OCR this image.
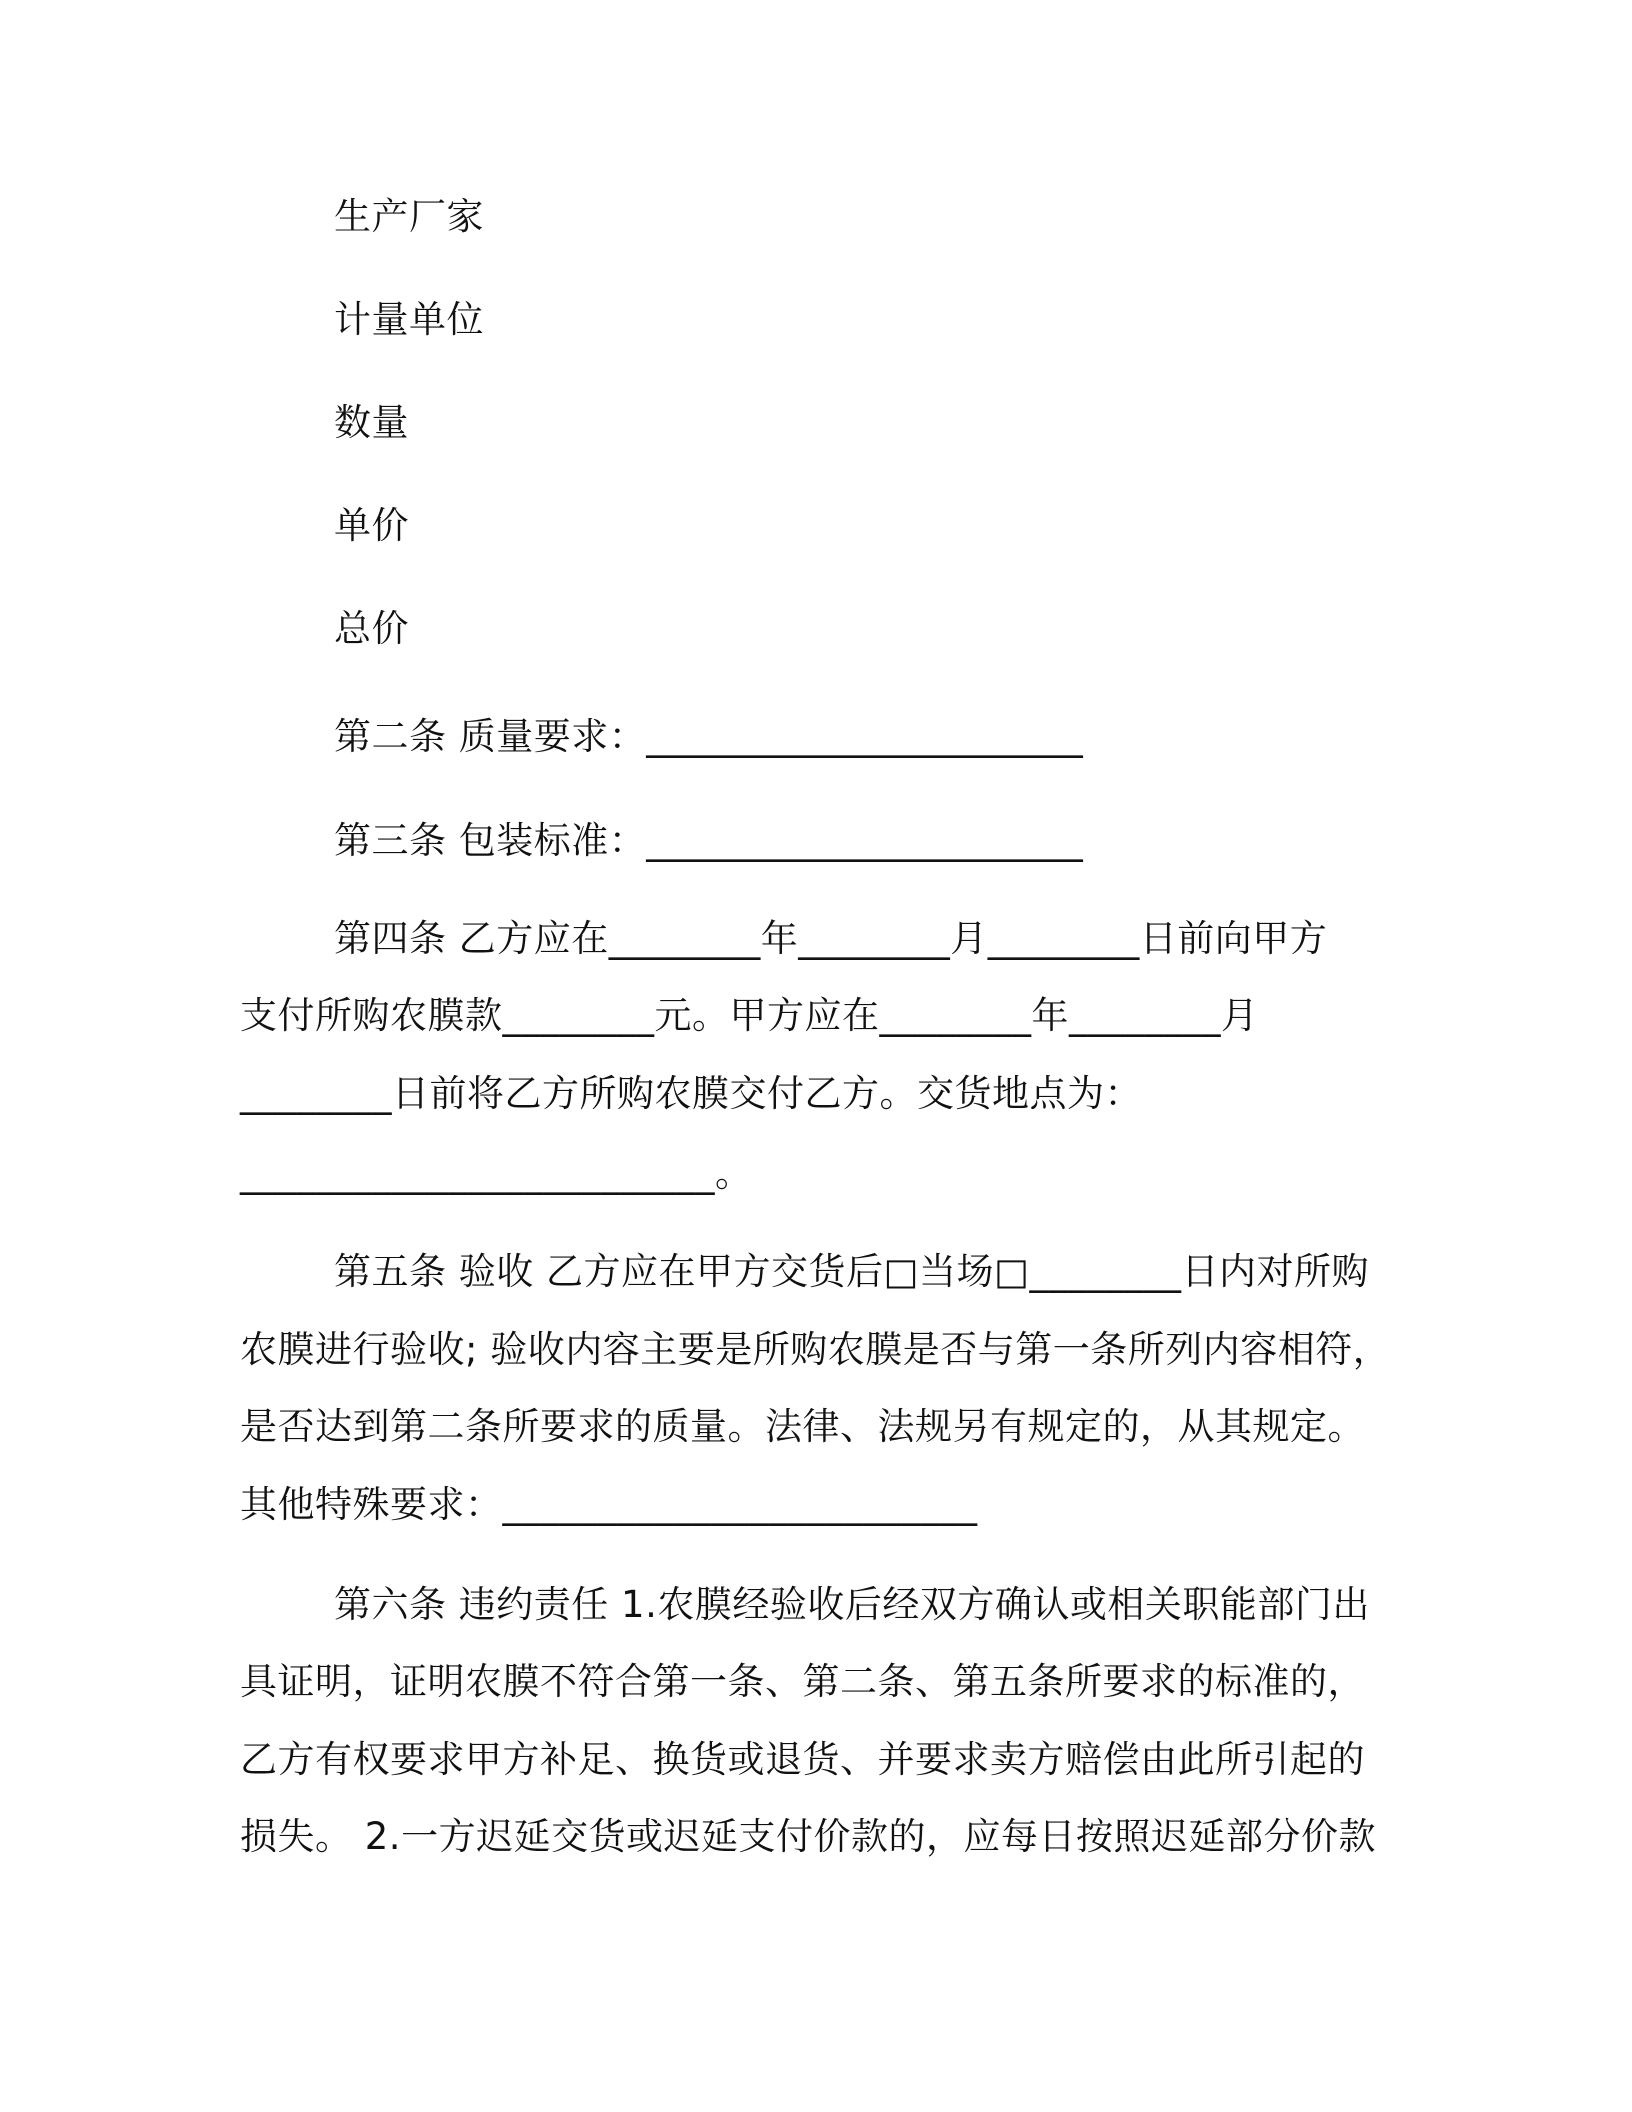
生产厂家
计量单位
数量
单价
总价
第二条 质量要求：_______________________
第三条 包装标准：_______________________
第四条 乙方应在________年________月________日前向甲方
支付所购农膜款________元。甲方应在________年________月
________日前将乙方所购农膜交付乙方。交货地点为：
_________________________。
第五条 验收 乙方应在甲方交货后□当场□________日内对所购
农膜进行验收; 验收内容主要是所购农膜是否与第一条所列内容相符，
是否达到第二条所要求的质量。法律、法规另有规定的，从其规定。
其他特殊要求：_________________________
第六条 违约责任 1.农膜经验收后经双方确认或相关职能部门出
具证明，证明农膜不符合第一条、第二条、第五条所要求的标准的，
乙方有权要求甲方补足、换货或退货、并要求卖方赔偿由此所引起的
损失。 2.一方迟延交货或迟延支付价款的，应每日按照迟延部分价款
